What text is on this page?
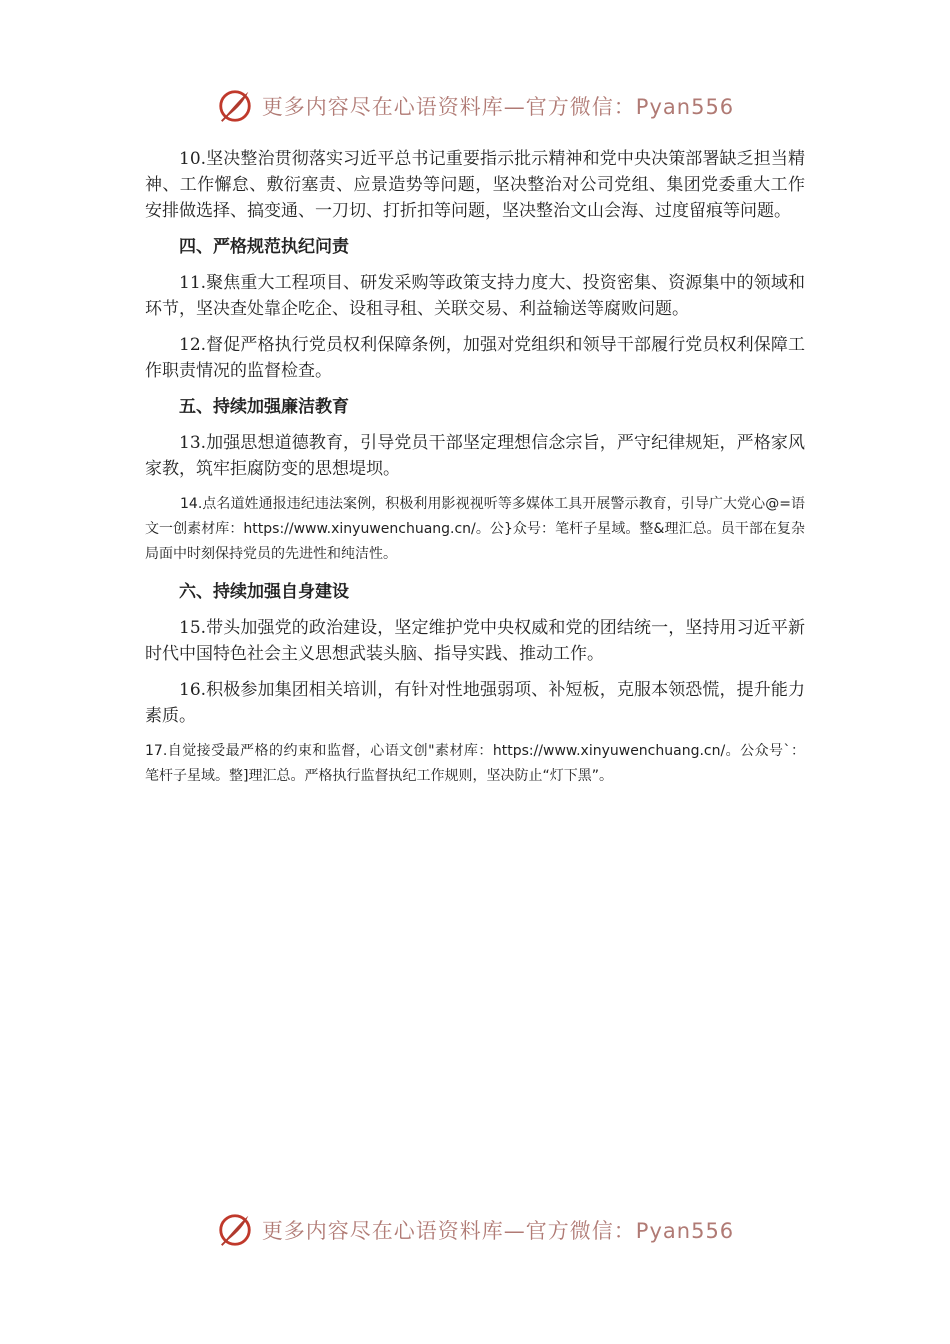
更多内容尽在心语资料库—官方微信：Pyan556

10.坚决整治贯彻落实习近平总书记重要指示批示精神和党中央决策部署缺乏担当精神、工作懈怠、敷衍塞责、应景造势等问题，坚决整治对公司党组、集团党委重大工作安排做选择、搞变通、一刀切、打折扣等问题，坚决整治文山会海、过度留痕等问题。

四、严格规范执纪问责

11.聚焦重大工程项目、研发采购等政策支持力度大、投资密集、资源集中的领域和环节，坚决查处靠企吃企、设租寻租、关联交易、利益输送等腐败问题。

12.督促严格执行党员权利保障条例，加强对党组织和领导干部履行党员权利保障工作职责情况的监督检查。

五、持续加强廉洁教育

13.加强思想道德教育，引导党员干部坚定理想信念宗旨，严守纪律规矩，严格家风家教，筑牢拒腐防变的思想堤坝。

14.点名道姓通报违纪违法案例，积极利用影视视听等多媒体工具开展警示教育，引导广大党心@=语文一创素材库：https://www.xinyuwenchuang.cn/。公}众号：笔杆子星域。整&理汇总。员干部在复杂局面中时刻保持党员的先进性和纯洁性。

六、持续加强自身建设

15.带头加强党的政治建设，坚定维护党中央权威和党的团结统一，坚持用习近平新时代中国特色社会主义思想武装头脑、指导实践、推动工作。

16.积极参加集团相关培训，有针对性地强弱项、补短板，克服本领恐慌，提升能力素质。

17.自觉接受最严格的约束和监督，心语文创"素材库：https://www.xinyuwenchuang.cn/。公众号`：笔杆子星域。整]理汇总。严格执行监督执纪工作规则，坚决防止“灯下黑”。

更多内容尽在心语资料库—官方微信：Pyan556
